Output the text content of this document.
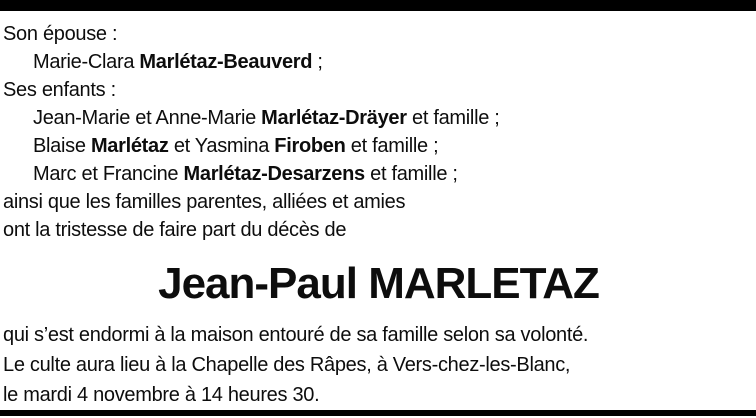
Son épouse :
Marie-Clara Marlétaz-Beauverd ;
Ses enfants :
Jean-Marie et Anne-Marie Marlétaz-Dräyer et famille ;
Blaise Marlétaz et Yasmina Firoben et famille ;
Marc et Francine Marlétaz-Desarzens et famille ;
ainsi que les familles parentes, alliées et amies
ont la tristesse de faire part du décès de
Jean-Paul MARLETAZ
qui s’est endormi à la maison entouré de sa famille selon sa volonté.
Le culte aura lieu à la Chapelle des Râpes, à Vers-chez-les-Blanc,
le mardi 4 novembre à 14 heures 30.
